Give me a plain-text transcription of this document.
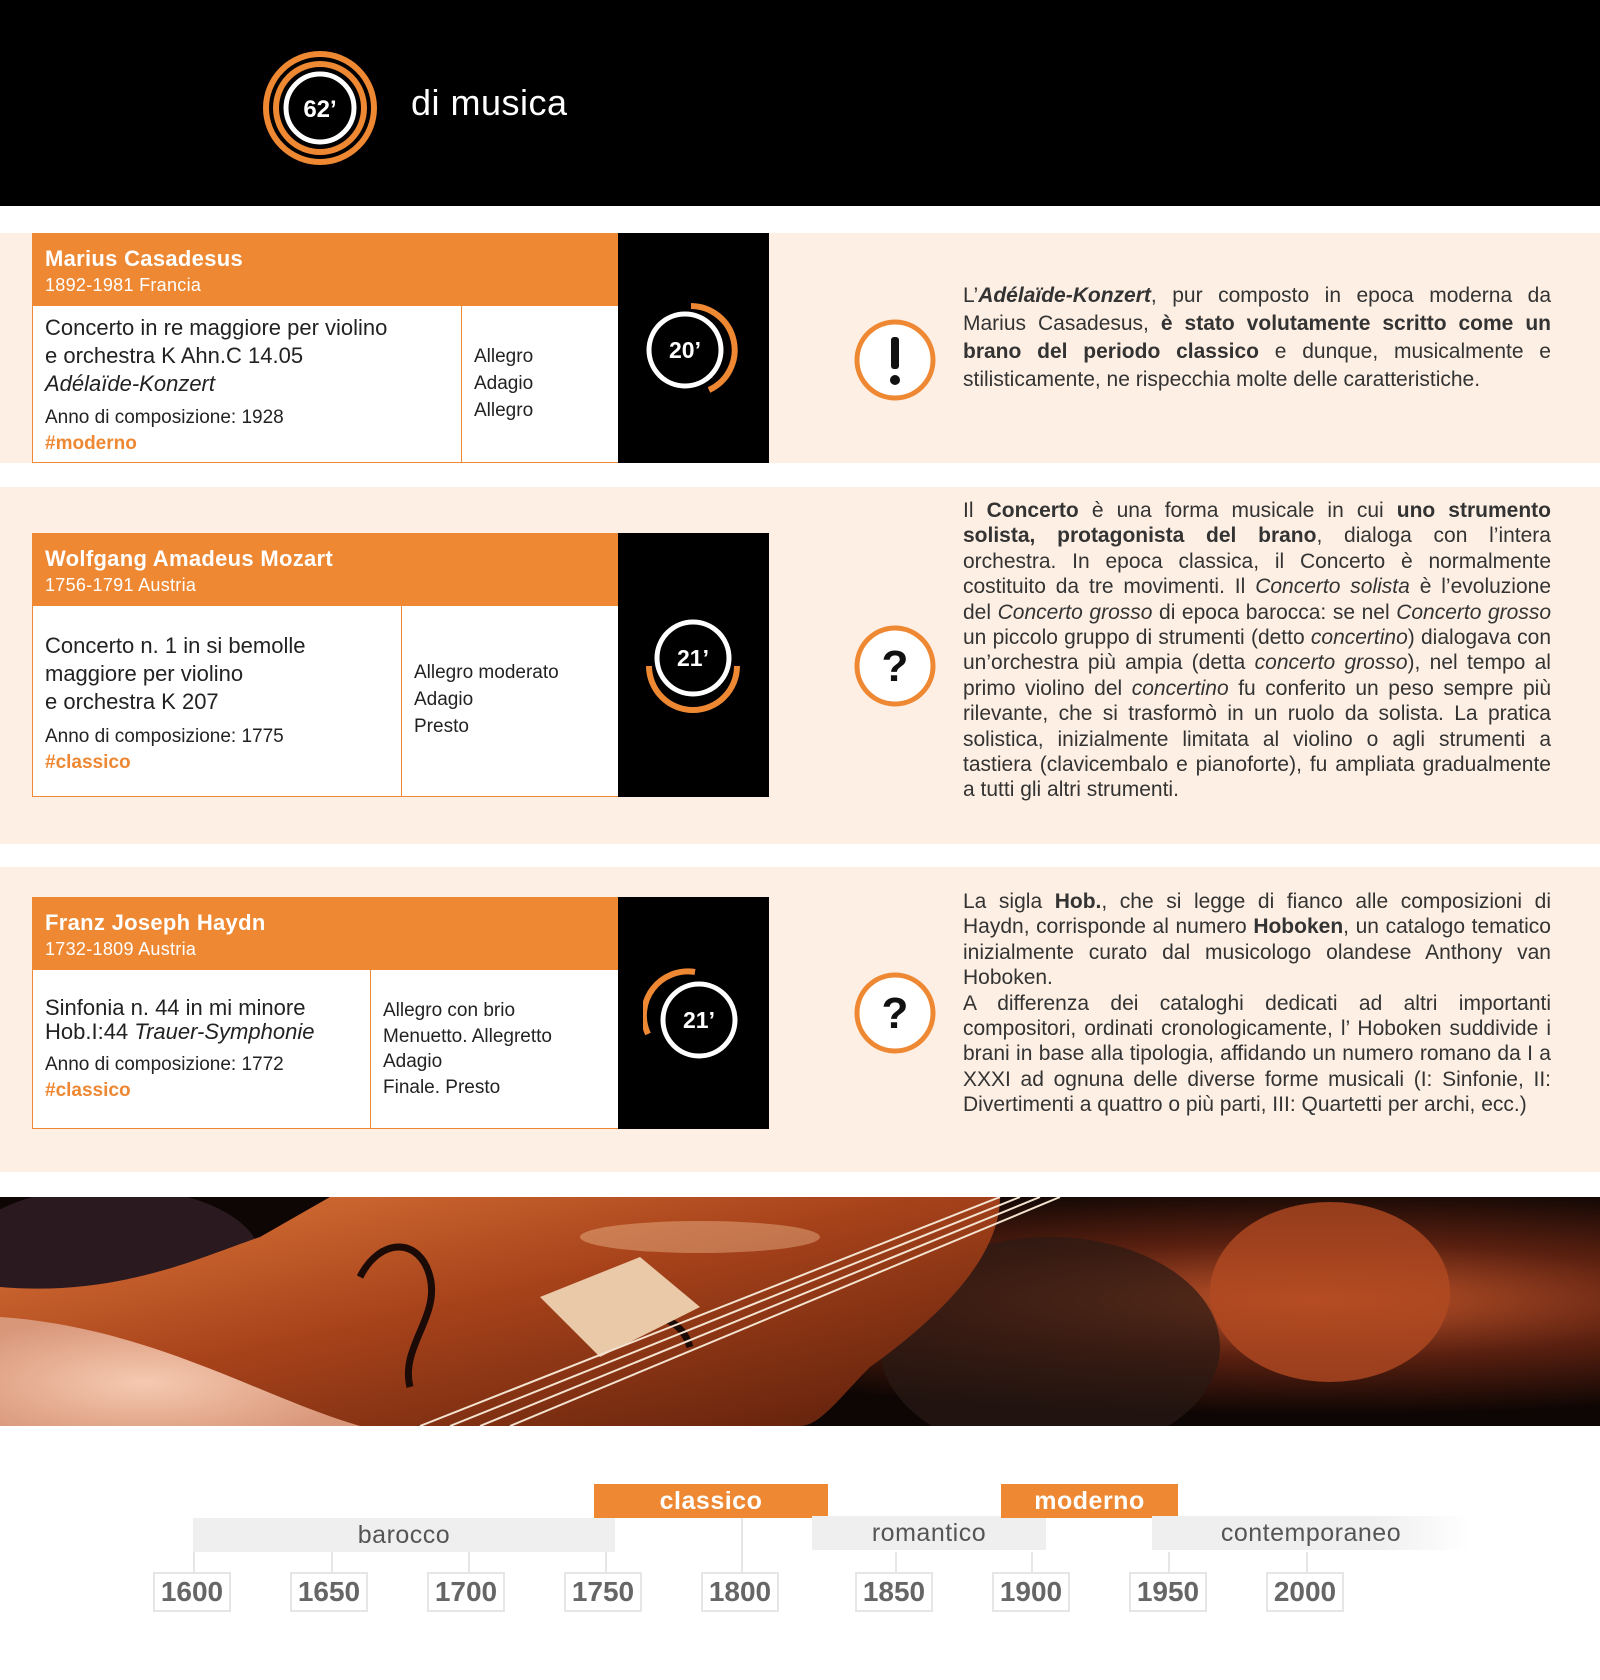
62’ di musica
Marius Casadesus
1892-1981 Francia
Concerto in re maggiore per violino
e orchestra K Ahn.C 14.05
Adélaïde-Konzert
Anno di composizione: 1928
#moderno
Allegro
Adagio
Allegro
20’
L’Adélaïde-Konzert, pur composto in epoca moderna da Marius Casadesus, è stato volutamente scritto come un brano del periodo classico e dunque, musicalmente e stilisticamente, ne rispecchia molte delle caratteristiche.
Wolfgang Amadeus Mozart
1756-1791 Austria
Concerto n. 1 in si bemolle
maggiore per violino
e orchestra K 207
Anno di composizione: 1775
#classico
Allegro moderato
Adagio
Presto
21’	?
Il Concerto è una forma musicale in cui uno strumento solista, protagonista del brano, dialoga con l’intera orchestra. In epoca classica, il Concerto è normalmente costituito da tre movimenti. Il Concerto solista è l’evoluzione del Concerto grosso di epoca barocca: se nel Concerto grosso un piccolo gruppo di strumenti (detto concertino) dialogava con un’orchestra più ampia (detta concerto grosso), nel tempo al primo violino del concertino fu conferito un peso sempre più rilevante, che si trasformò in un ruolo da solista. La pratica solistica, inizialmente limitata al violino o agli strumenti a tastiera (clavicembalo e pianoforte), fu ampliata gradualmente a tutti gli altri strumenti.
Franz Joseph Haydn
1732-1809 Austria
Sinfonia n. 44 in mi minore
Hob.I:44 Trauer-Symphonie
Anno di composizione: 1772
#classico
Allegro con brio
Menuetto. Allegretto
Adagio
Finale. Presto
21’	?
La sigla Hob., che si legge di fianco alle composizioni di Haydn, corrisponde al numero Hoboken, un catalogo tematico inizialmente curato dal musicologo olandese Anthony van Hoboken.
A differenza dei cataloghi dedicati ad altri importanti compositori, ordinati cronologicamente, l’ Hoboken suddivide i brani in base alla tipologia, affidando un numero romano da I a XXXI ad ognuna delle diverse forme musicali (I: Sinfonie, II: Divertimenti a quattro o più parti, III: Quartetti per archi, ecc.)
barocco
classico
romantico
moderno
contemporaneo
1600	1650	1700	1750	1800	1850	1900	1950	2000
